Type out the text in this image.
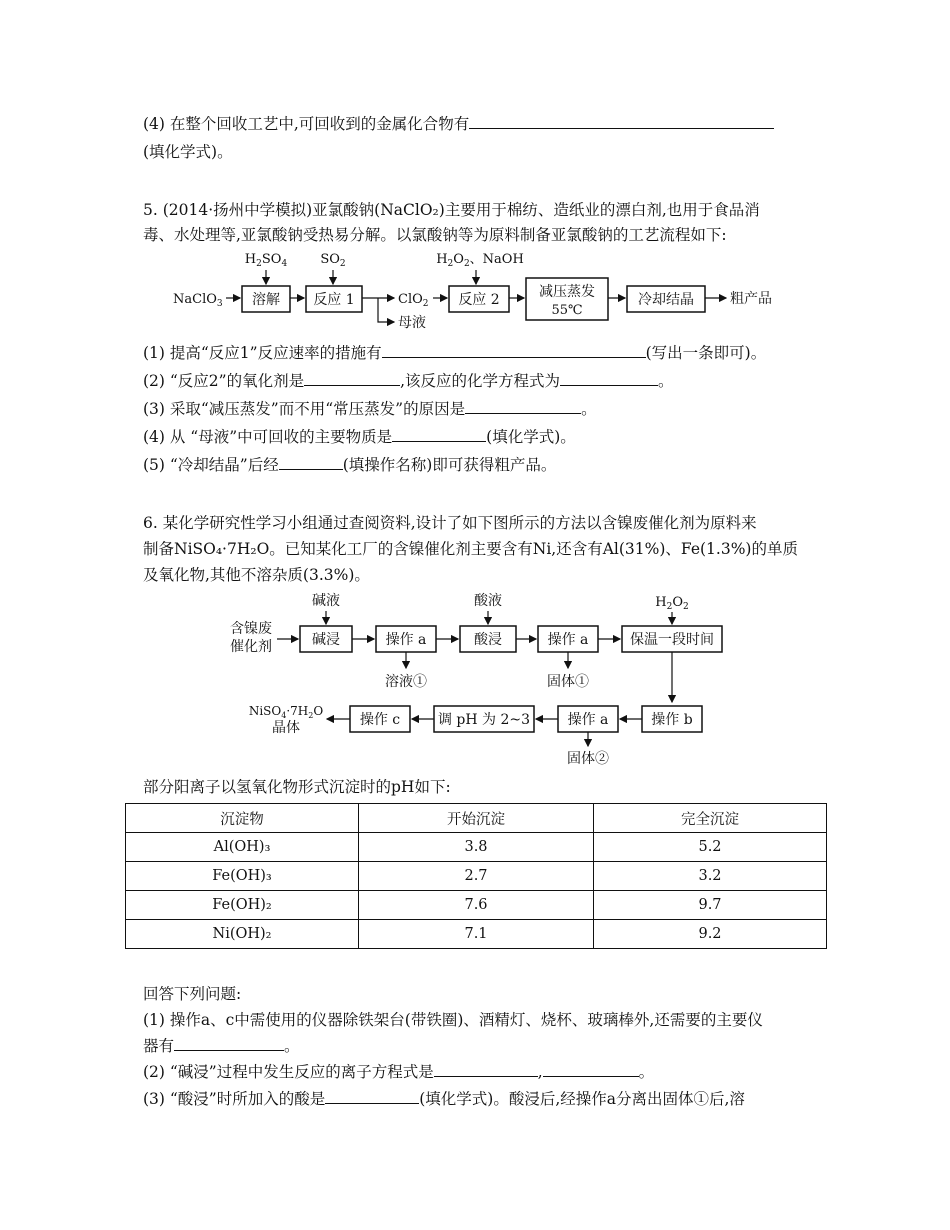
(4) 在整个回收工艺中,可回收到的金属化合物有
(填化学式)。
5. (2014·扬州中学模拟)亚氯酸钠(NaClO₂)主要用于棉纺、造纸业的漂白剂,也用于食品消
毒、水处理等,亚氯酸钠受热易分解。以氯酸钠等为原料制备亚氯酸钠的工艺流程如下:
$H_2SO_4$	$SO_2$	$H_2O_2$、NaOH
NaClO$_3$ 溶解 反应 1	ClO$_2$
母液
反应 2	减压蒸发
55℃
冷却结晶	粗产品
(1) 提高“反应1”反应速率的措施有	(写出一条即可)。
(2) “反应2”的氧化剂是	,该反应的化学方程式为	。
(3) 采取“减压蒸发”而不用“常压蒸发”的原因是	。
(4) 从 “母液”中可回收的主要物质是	(填化学式)。
(5) “冷却结晶”后经	(填操作名称)即可获得粗产品。
6. 某化学研究性学习小组通过查阅资料,设计了如下图所示的方法以含镍废催化剂为原料来
制备NiSO₄·7H₂O。已知某化工厂的含镍催化剂主要含有Ni,还含有Al(31%)、Fe(1.3%)的单质
及氧化物,其他不溶杂质(3.3%)。
碱液	酸液	$H_2O_2$
含镍废
催化剂	碱浸	操作 a
溶液①
酸浸	操作 a
固体①
保温一段时间
操作 b
操作 a
固体②
调 pH 为 2~3
操作 c
$NiSO_4\cdot 7H_2O$
晶体
部分阳离子以氢氧化物形式沉淀时的pH如下:
沉淀物	开始沉淀	完全沉淀
Al(OH)₃	3.8	5.2
Fe(OH)₃	2.7	3.2
Fe(OH)₂	7.6	9.7
Ni(OH)₂	7.1	9.2
回答下列问题:
(1) 操作a、c中需使用的仪器除铁架台(带铁圈)、酒精灯、烧杯、玻璃棒外,还需要的主要仪
器有	。
(2) “碱浸”过程中发生反应的离子方程式是	,	。
(3) “酸浸”时所加入的酸是	(填化学式)。酸浸后,经操作a分离出固体①后,溶
